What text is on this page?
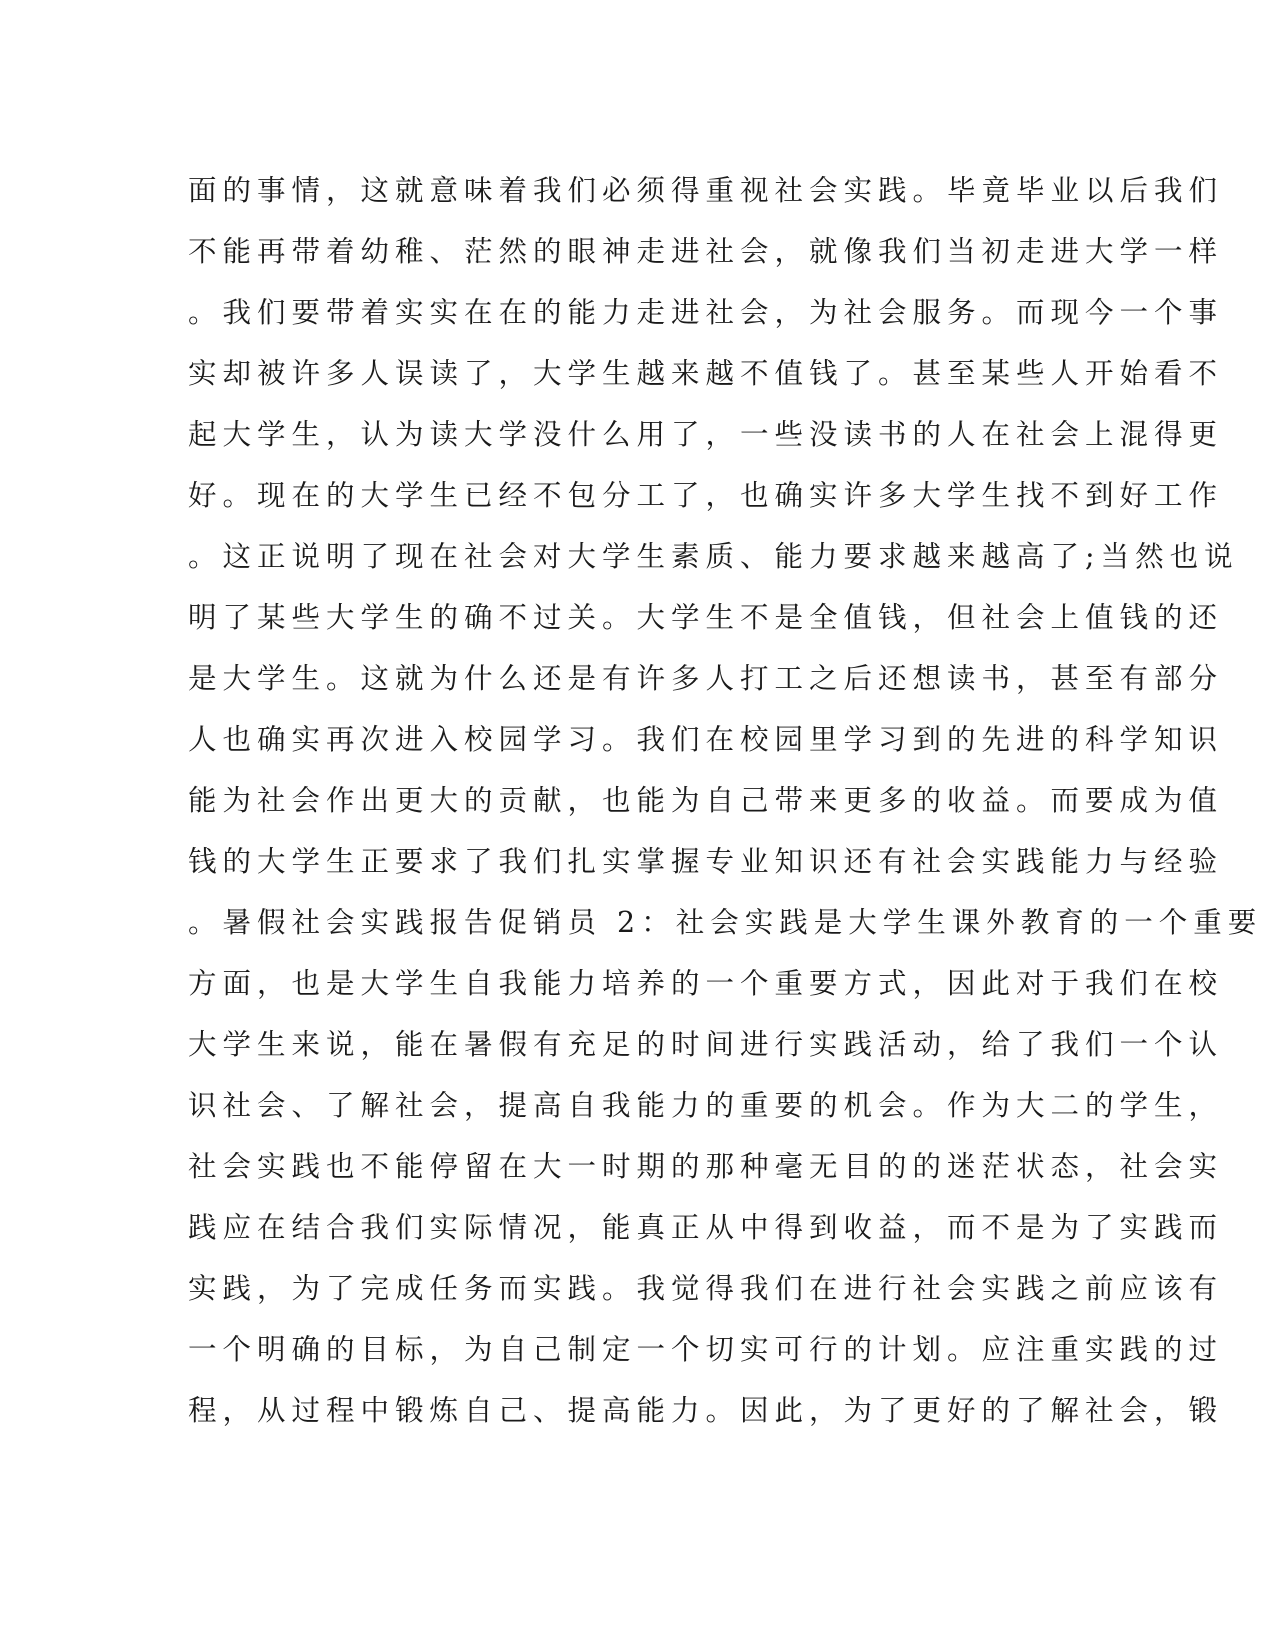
面的事情，这就意味着我们必须得重视社会实践。毕竟毕业以后我们
不能再带着幼稚、茫然的眼神走进社会，就像我们当初走进大学一样
。我们要带着实实在在的能力走进社会，为社会服务。而现今一个事
实却被许多人误读了，大学生越来越不值钱了。甚至某些人开始看不
起大学生，认为读大学没什么用了，一些没读书的人在社会上混得更
好。现在的大学生已经不包分工了，也确实许多大学生找不到好工作
。这正说明了现在社会对大学生素质、能力要求越来越高了;当然也说
明了某些大学生的确不过关。大学生不是全值钱，但社会上值钱的还
是大学生。这就为什么还是有许多人打工之后还想读书，甚至有部分
人也确实再次进入校园学习。我们在校园里学习到的先进的科学知识
能为社会作出更大的贡献，也能为自己带来更多的收益。而要成为值
钱的大学生正要求了我们扎实掌握专业知识还有社会实践能力与经验
。暑假社会实践报告促销员 2：社会实践是大学生课外教育的一个重要
方面，也是大学生自我能力培养的一个重要方式，因此对于我们在校
大学生来说，能在暑假有充足的时间进行实践活动，给了我们一个认
识社会、了解社会，提高自我能力的重要的机会。作为大二的学生，
社会实践也不能停留在大一时期的那种毫无目的的迷茫状态，社会实
践应在结合我们实际情况，能真正从中得到收益，而不是为了实践而
实践，为了完成任务而实践。我觉得我们在进行社会实践之前应该有
一个明确的目标，为自己制定一个切实可行的计划。应注重实践的过
程，从过程中锻炼自己、提高能力。因此，为了更好的了解社会，锻
